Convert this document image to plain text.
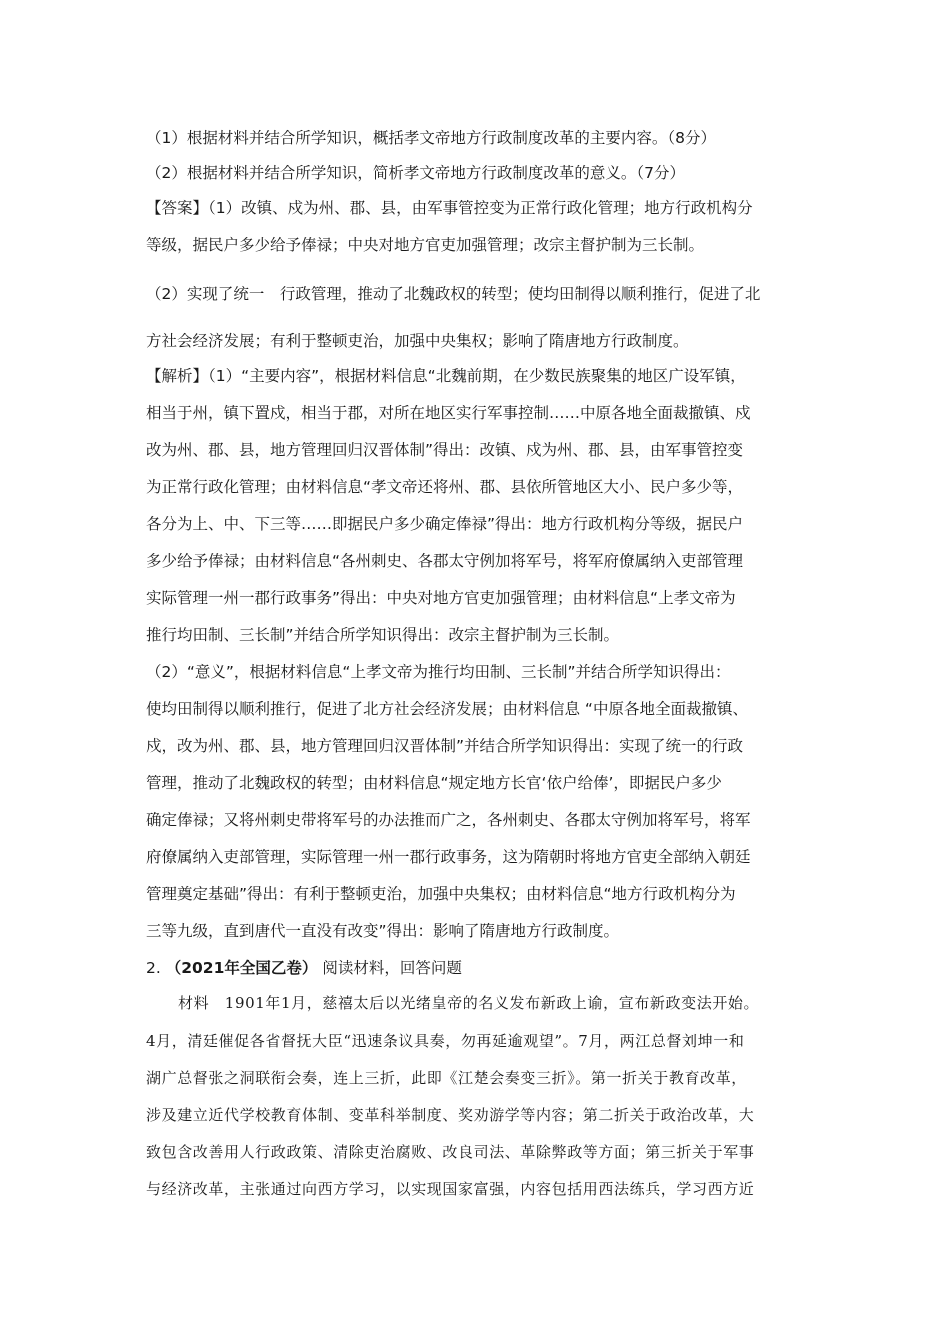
（1）根据材料并结合所学知识，概括孝文帝地方行政制度改革的主要内容。（8分）
（2）根据材料并结合所学知识，简析孝文帝地方行政制度改革的意义。（7分）
【答案】（1）改镇、戍为州、郡、县，由军事管控变为正常行政化管理；地方行政机构分
等级，据民户多少给予俸禄；中央对地方官吏加强管理；改宗主督护制为三长制。
（2）实现了统一　行政管理，推动了北魏政权的转型；使均田制得以顺利推行，促进了北
方社会经济发展；有利于整顿吏治，加强中央集权；影响了隋唐地方行政制度。
【解析】（1）“主要内容”，根据材料信息“北魏前期，在少数民族聚集的地区广设军镇，
相当于州，镇下置戍，相当于郡，对所在地区实行军事控制……中原各地全面裁撤镇、戍
改为州、郡、县，地方管理回归汉晋体制”得出：改镇、戍为州、郡、县，由军事管控变
为正常行政化管理；由材料信息“孝文帝还将州、郡、县依所管地区大小、民户多少等，
各分为上、中、下三等……即据民户多少确定俸禄”得出：地方行政机构分等级，据民户
多少给予俸禄；由材料信息“各州刺史、各郡太守例加将军号，将军府僚属纳入吏部管理
实际管理一州一郡行政事务”得出：中央对地方官吏加强管理；由材料信息“上孝文帝为
推行均田制、三长制”并结合所学知识得出：改宗主督护制为三长制。
（2）“意义”，根据材料信息“上孝文帝为推行均田制、三长制”并结合所学知识得出：
使均田制得以顺利推行，促进了北方社会经济发展；由材料信息 “中原各地全面裁撤镇、
戍，改为州、郡、县，地方管理回归汉晋体制”并结合所学知识得出：实现了统一的行政
管理，推动了北魏政权的转型；由材料信息“规定地方长官‘依户给俸’，即据民户多少
确定俸禄；又将州刺史带将军号的办法推而广之，各州刺史、各郡太守例加将军号，将军
府僚属纳入吏部管理，实际管理一州一郡行政事务，这为隋朝时将地方官吏全部纳入朝廷
管理奠定基础”得出：有利于整顿吏治，加强中央集权；由材料信息“地方行政机构分为
三等九级，直到唐代一直没有改变”得出：影响了隋唐地方行政制度。
2. （2021年全国乙卷） 阅读材料，回答问题
材料　1901年1月，慈禧太后以光绪皇帝的名义发布新政上谕，宣布新政变法开始。
4月，清廷催促各省督抚大臣“迅速条议具奏，勿再延逾观望”。7月，两江总督刘坤一和
湖广总督张之洞联衔会奏，连上三折，此即《江楚会奏变三折》。第一折关于教育改革，
涉及建立近代学校教育体制、变革科举制度、奖劝游学等内容；第二折关于政治改革，大
致包含改善用人行政政策、清除吏治腐败、改良司法、革除弊政等方面；第三折关于军事
与经济改革，主张通过向西方学习，以实现国家富强，内容包括用西法练兵，学习西方近
